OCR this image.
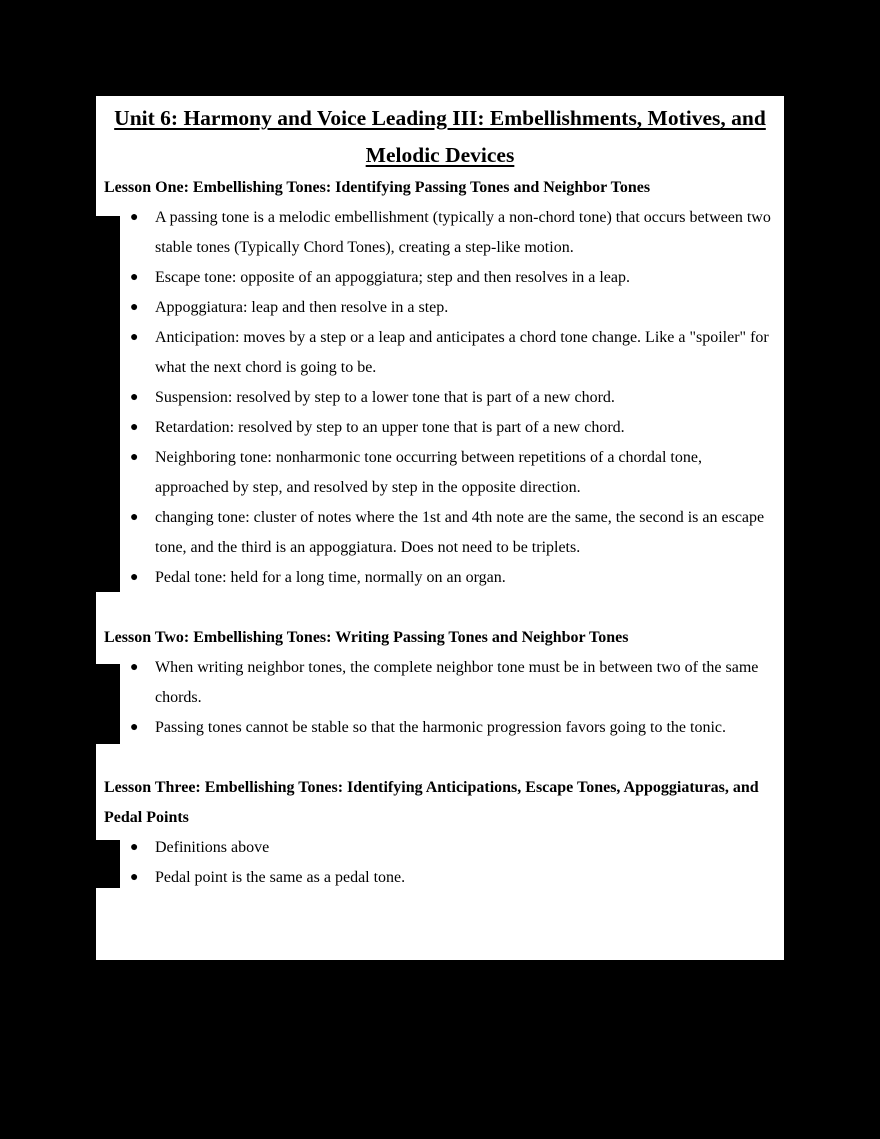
Unit 6: Harmony and Voice Leading III: Embellishments, Motives, and
Melodic Devices
Lesson One: Embellishing Tones: Identifying Passing Tones and Neighbor Tones
● A passing tone is a melodic embellishment (typically a non-chord tone) that occurs between two stable tones (Typically Chord Tones), creating a step-like motion.
● Escape tone: opposite of an appoggiatura; step and then resolves in a leap.
● Appoggiatura: leap and then resolve in a step.
● Anticipation: moves by a step or a leap and anticipates a chord tone change. Like a "spoiler" for what the next chord is going to be.
● Suspension: resolved by step to a lower tone that is part of a new chord.
● Retardation: resolved by step to an upper tone that is part of a new chord.
● Neighboring tone: nonharmonic tone occurring between repetitions of a chordal tone, approached by step, and resolved by step in the opposite direction.
● changing tone: cluster of notes where the 1st and 4th note are the same, the second is an escape tone, and the third is an appoggiatura. Does not need to be triplets.
● Pedal tone: held for a long time, normally on an organ.
Lesson Two: Embellishing Tones: Writing Passing Tones and Neighbor Tones
● When writing neighbor tones, the complete neighbor tone must be in between two of the same chords.
● Passing tones cannot be stable so that the harmonic progression favors going to the tonic.
Lesson Three: Embellishing Tones: Identifying Anticipations, Escape Tones, Appoggiaturas, and Pedal Points
● Definitions above
● Pedal point is the same as a pedal tone.
